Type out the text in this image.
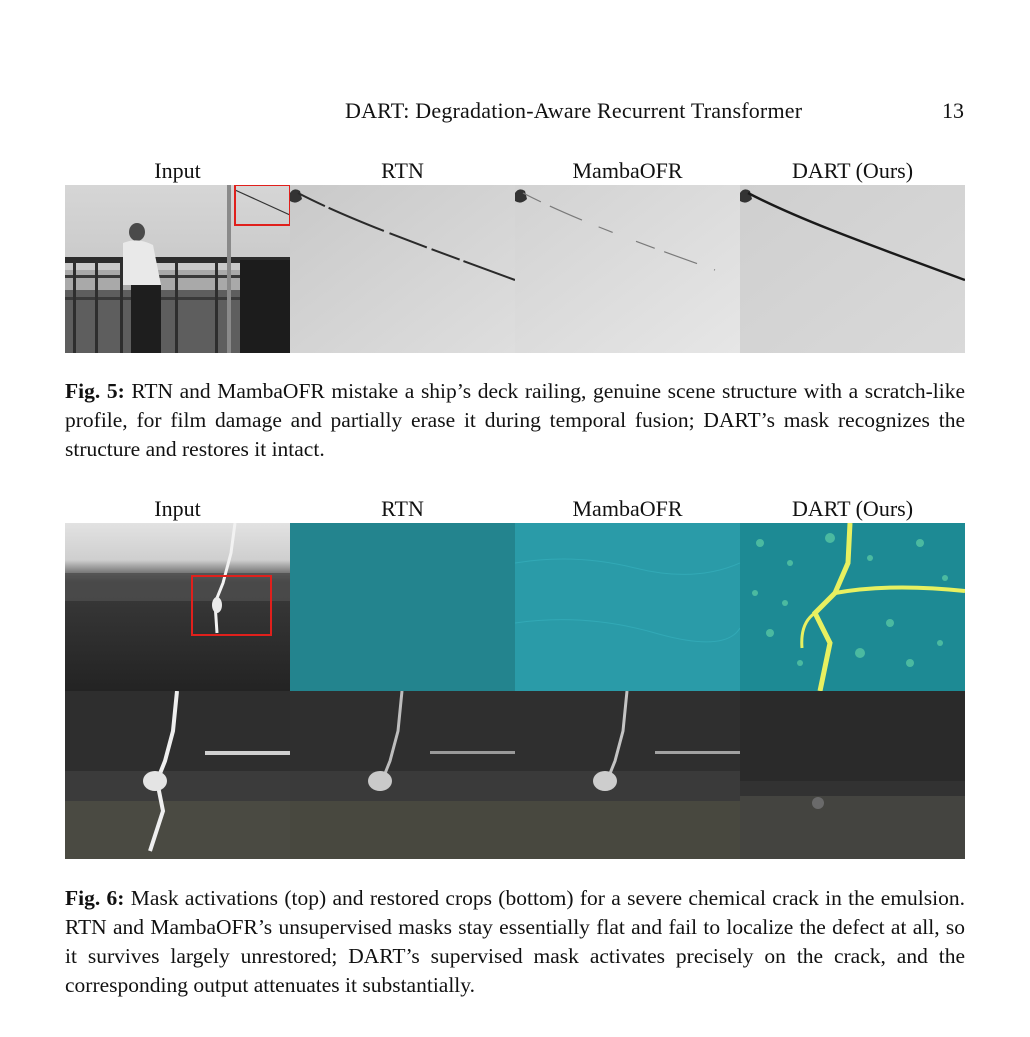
DART: Degradation-Aware Recurrent Transformer	13
Input	RTN	MambaOFR	DART (Ours)
Fig. 5: RTN and MambaOFR mistake a ship’s deck railing, genuine scene structure with a scratch-like profile, for film damage and partially erase it during temporal fusion; DART’s mask recognizes the structure and restores it intact.
Input	RTN	MambaOFR	DART (Ours)
Fig. 6: Mask activations (top) and restored crops (bottom) for a severe chemical crack in the emulsion. RTN and MambaOFR’s unsupervised masks stay essentially flat and fail to localize the defect at all, so it survives largely unrestored; DART’s supervised mask activates precisely on the crack, and the corresponding output attenuates it substantially.
